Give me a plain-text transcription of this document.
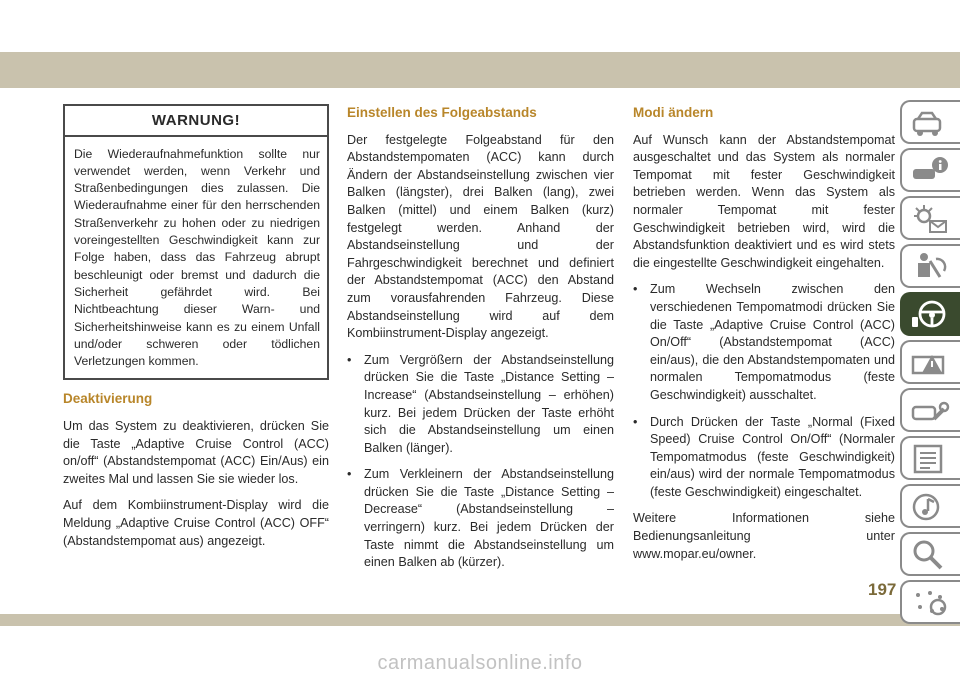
WARNUNG!
Die Wiederaufnahmefunktion sollte nur verwendet werden, wenn Verkehr und Straßenbedingungen dies zulassen. Die Wiederaufnahme einer für den herrschenden Straßenverkehr zu hohen oder zu niedrigen voreingestellten Geschwindigkeit kann zur Folge haben, dass das Fahrzeug abrupt beschleunigt oder bremst und dadurch die Sicherheit gefährdet wird. Bei Nichtbeachtung dieser Warn- und Sicherheitshinweise kann es zu einem Unfall und/oder schweren oder tödlichen Verletzungen kommen.
Deaktivierung

Um das System zu deaktivieren, drücken Sie die Taste „Adaptive Cruise Control (ACC) on/off“ (Abstandstempomat (ACC) Ein/Aus) ein zweites Mal und lassen Sie sie wieder los.

Auf dem Kombiinstrument-Display wird die Meldung „Adaptive Cruise Control (ACC) OFF“ (Abstandstempomat aus) angezeigt.

Einstellen des Folgeabstands

Der festgelegte Folgeabstand für den Abstandstempomaten (ACC) kann durch Ändern der Abstandseinstellung zwischen vier Balken (längster), drei Balken (lang), zwei Balken (mittel) und einem Balken (kurz) festgelegt werden. Anhand der Abstandseinstellung und der Fahrgeschwindigkeit berechnet und definiert der Abstandstempomat (ACC) den Abstand zum vorausfahrenden Fahrzeug. Diese Abstandseinstellung wird auf dem Kombiinstrument-Display angezeigt.

• Zum Vergrößern der Abstandseinstellung drücken Sie die Taste „Distance Setting – Increase“ (Abstandseinstellung – erhöhen) kurz. Bei jedem Drücken der Taste erhöht sich die Abstandseinstellung um einen Balken (länger).
• Zum Verkleinern der Abstandseinstellung drücken Sie die Taste „Distance Setting – Decrease“ (Abstandseinstellung – verringern) kurz. Bei jedem Drücken der Taste nimmt die Abstandseinstellung um einen Balken ab (kürzer).
Modi ändern

Auf Wunsch kann der Abstandstempomat ausgeschaltet und das System als normaler Tempomat mit fester Geschwindigkeit betrieben werden. Wenn das System als normaler Tempomat mit fester Geschwindigkeit betrieben wird, wird die Abstandsfunktion deaktiviert und es wird stets die eingestellte Geschwindigkeit eingehalten.

• Zum Wechseln zwischen den verschiedenen Tempomatmodi drücken Sie die Taste „Adaptive Cruise Control (ACC) On/Off“ (Abstandstempomat (ACC) ein/aus), die den Abstandstempomaten und normalen Tempomatmodus (feste Geschwindigkeit) ausschaltet.
• Durch Drücken der Taste „Normal (Fixed Speed) Cruise Control On/Off“ (Normaler Tempomatmodus (feste Geschwindigkeit) ein/aus) wird der normale Tempomatmodus (feste Geschwindigkeit) eingeschaltet.

Weitere Informationen siehe Bedienungsanleitung unter www.mopar.eu/owner.

197
carmanualsonline.info
